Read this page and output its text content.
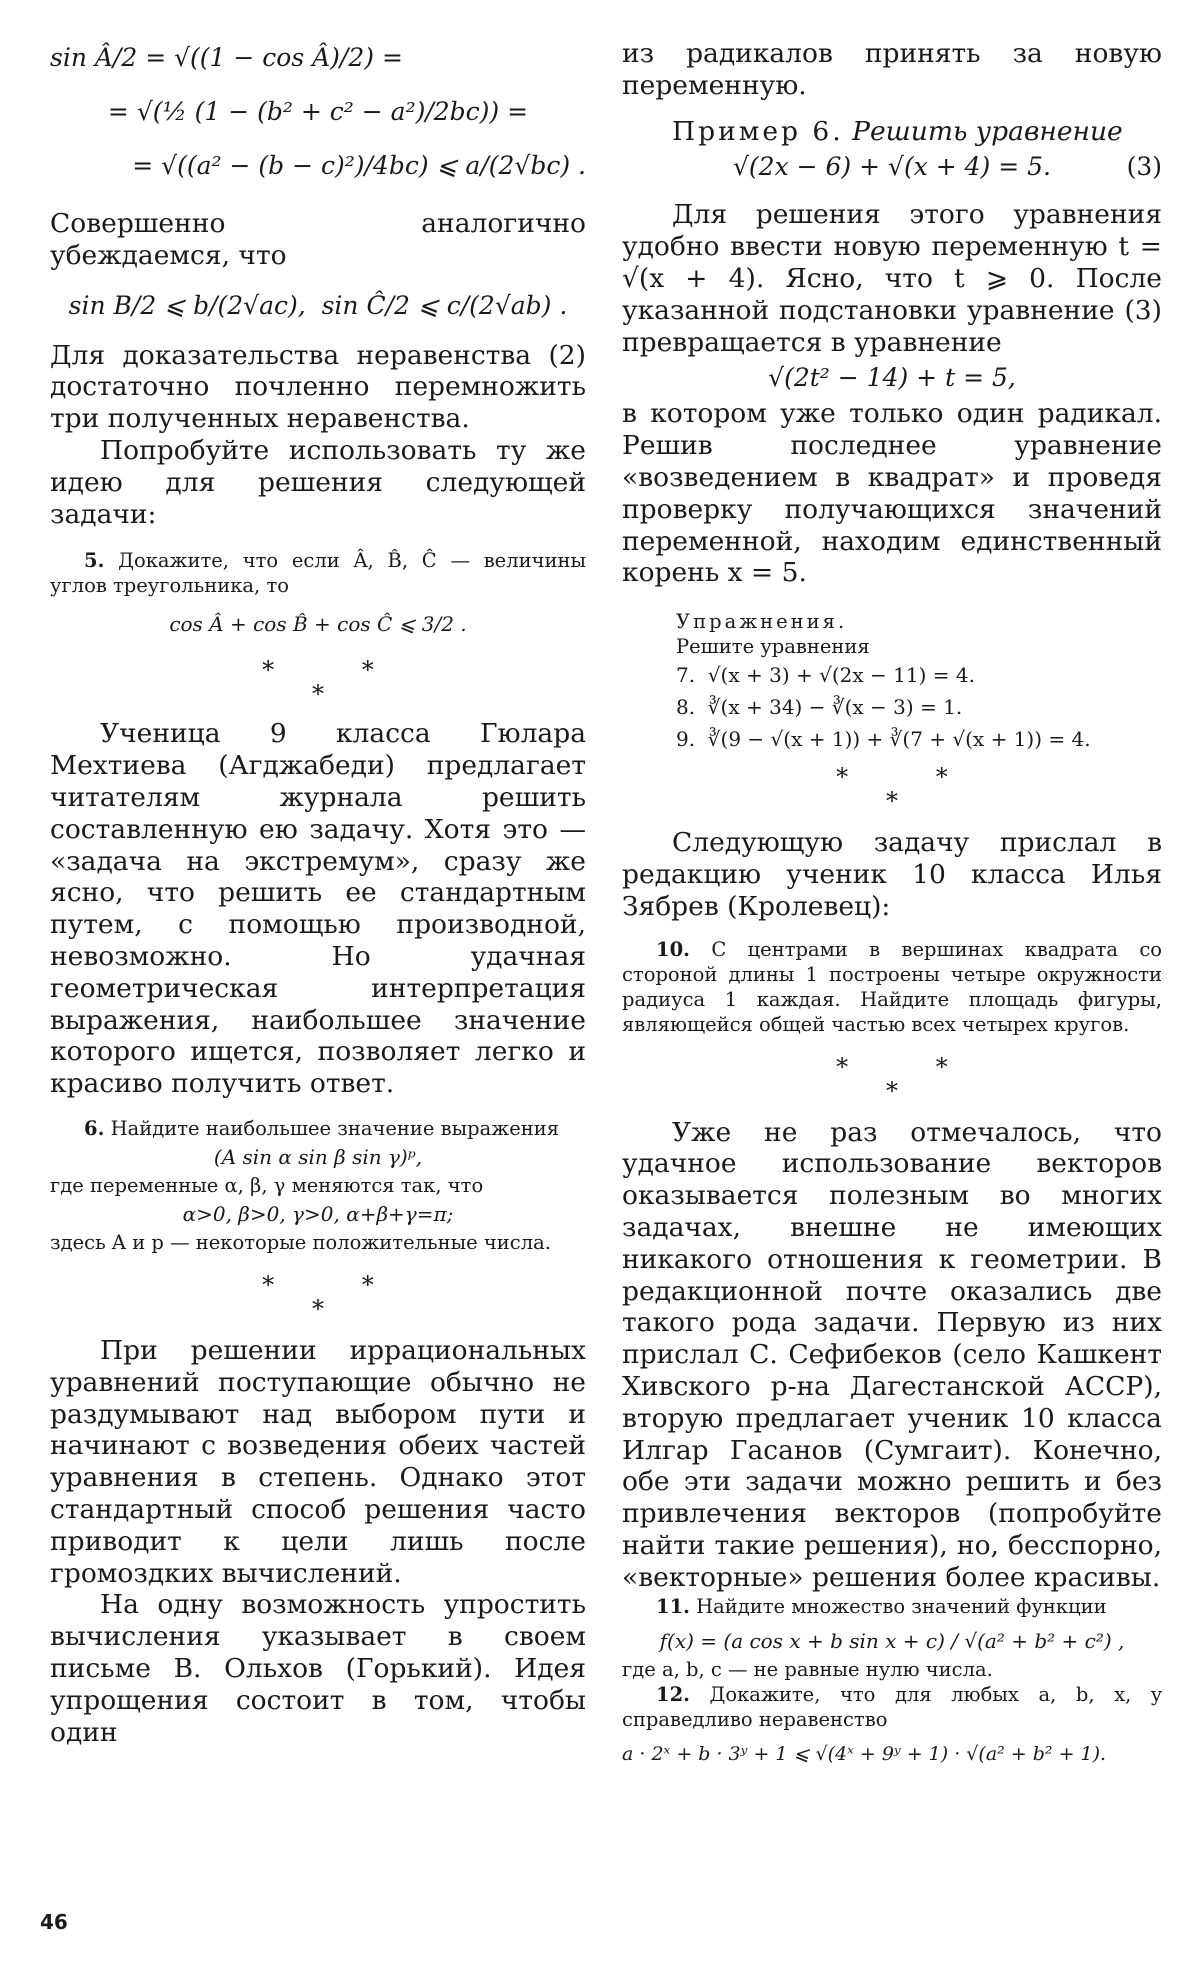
sin Â/2 = √((1 − cos Â)/2) =

= √(½ (1 − (b² + c² − a²)/2bc)) =

= √((a² − (b − c)²)/4bc) ⩽ a/(2√bc) .

Совершенно аналогично убеждаемся, что

sin B/2 ⩽ b/(2√ac),  sin Ĉ/2 ⩽ c/(2√ab) .

Для доказательства неравенства (2) достаточно почленно перемножить три полученных неравенства.

Попробуйте использовать ту же идею для решения следующей задачи:

5. Докажите, что если Â, B̂, Ĉ — величины углов треугольника, то

cos Â + cos B̂ + cos Ĉ ⩽ 3/2 .

* *
*

Ученица 9 класса Гюлара Мехтиева (Агджабеди) предлагает читателям журнала решить составленную ею задачу. Хотя это — «задача на экстремум», сразу же ясно, что решить ее стандартным путем, с помощью производной, невозможно. Но удачная геометрическая интерпретация выражения, наибольшее значение которого ищется, позволяет легко и красиво получить ответ.

6. Найдите наибольшее значение выражения

(A sin α sin β sin γ)ᵖ,

где переменные α, β, γ меняются так, что

α>0, β>0, γ>0, α+β+γ=π;

здесь A и p — некоторые положительные числа.

* *
*

При решении иррациональных уравнений поступающие обычно не раздумывают над выбором пути и начинают с возведения обеих частей уравнения в степень. Однако этот стандартный способ решения часто приводит к цели лишь после громоздких вычислений.

На одну возможность упростить вычисления указывает в своем письме В. Ольхов (Горький). Идея упрощения состоит в том, чтобы один

из радикалов принять за новую переменную.

Пример 6. Решить уравнение

√(2x − 6) + √(x + 4) = 5.	(3)

Для решения этого уравнения удобно ввести новую переменную t = √(x + 4). Ясно, что t ⩾ 0. После указанной подстановки уравнение (3) превращается в уравнение

√(2t² − 14) + t = 5,

в котором уже только один радикал. Решив последнее уравнение «возведением в квадрат» и проведя проверку получающихся значений переменной, находим единственный корень x = 5.

Упражнения.

Решите уравнения

7.  √(x + 3) + √(2x − 11) = 4.

8.  ∛(x + 34) − ∛(x − 3) = 1.

9.  ∛(9 − √(x + 1)) + ∛(7 + √(x + 1)) = 4.

* *
*

Следующую задачу прислал в редакцию ученик 10 класса Илья Зябрев (Кролевец):

10. С центрами в вершинах квадрата со стороной длины 1 построены четыре окружности радиуса 1 каждая. Найдите площадь фигуры, являющейся общей частью всех четырех кругов.

* *
*

Уже не раз отмечалось, что удачное использование векторов оказывается полезным во многих задачах, внешне не имеющих никакого отношения к геометрии. В редакционной почте оказались две такого рода задачи. Первую из них прислал С. Сефибеков (село Кашкент Хивского р-на Дагестанской АССР), вторую предлагает ученик 10 класса Илгар Гасанов (Сумгаит). Конечно, обе эти задачи можно решить и без привлечения векторов (попробуйте найти такие решения), но, бесспорно, «векторные» решения более красивы.

11. Найдите множество значений функции

f(x) = (a cos x + b sin x + c) / √(a² + b² + c²) ,

где a, b, c — не равные нулю числа.

12. Докажите, что для любых a, b, x, y справедливо неравенство

a · 2ˣ + b · 3ʸ + 1 ⩽ √(4ˣ + 9ʸ + 1) · √(a² + b² + 1).

46
